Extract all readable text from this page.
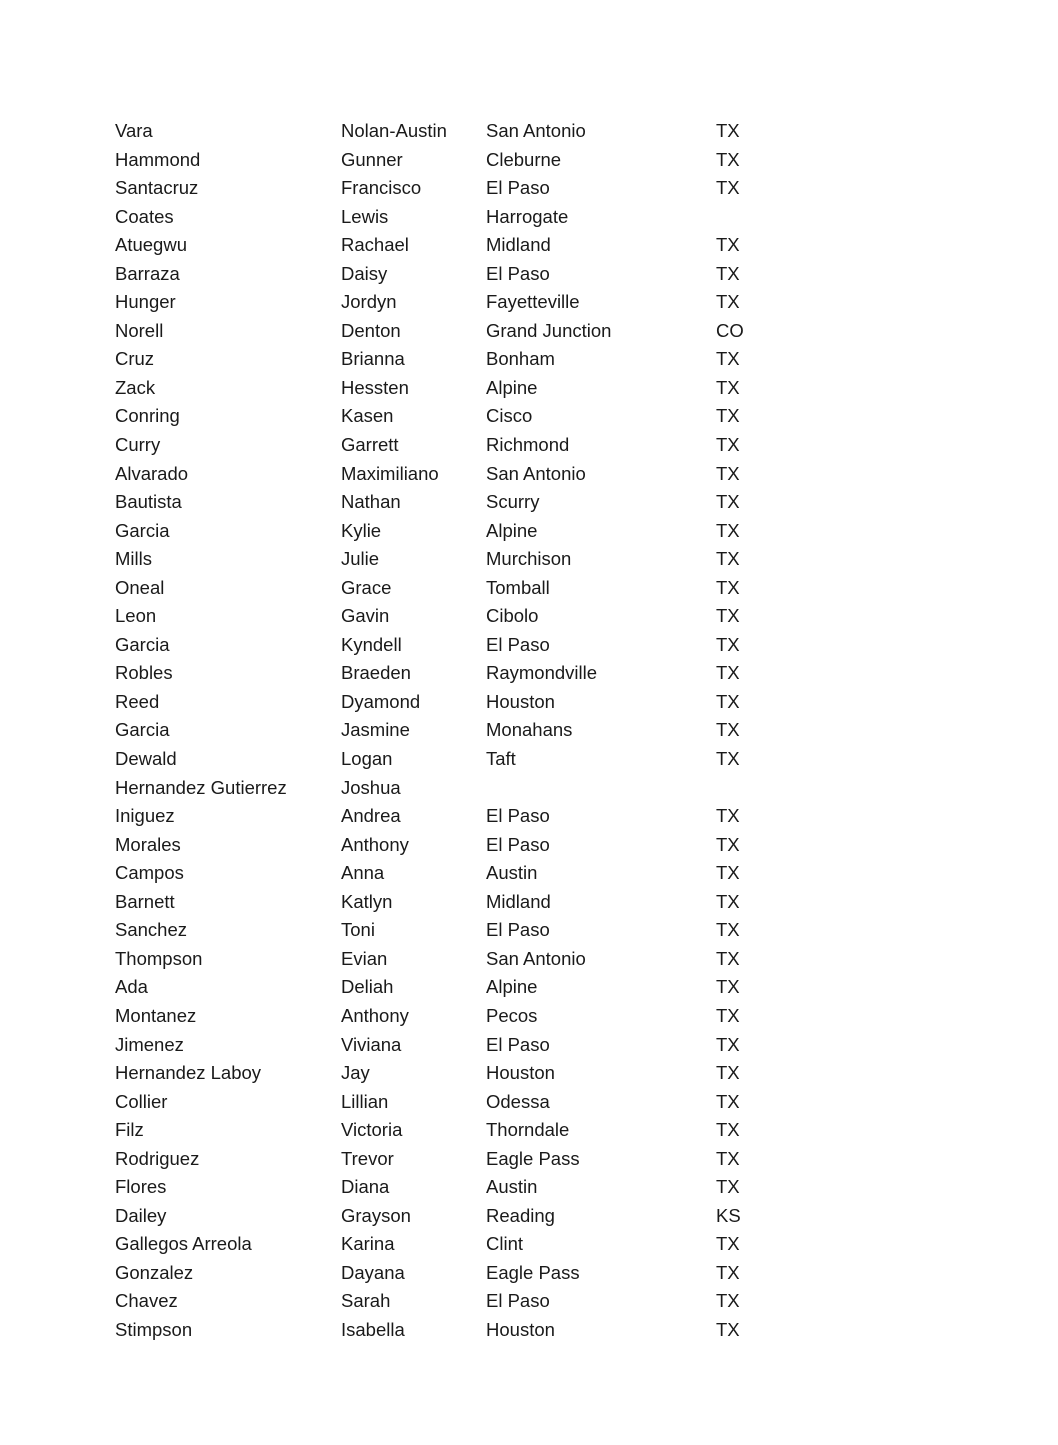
Vara	Nolan-Austin	San Antonio	TX
Hammond	Gunner	Cleburne	TX
Santacruz	Francisco	El Paso	TX
Coates	Lewis	Harrogate	
Atuegwu	Rachael	Midland	TX
Barraza	Daisy	El Paso	TX
Hunger	Jordyn	Fayetteville	TX
Norell	Denton	Grand Junction	CO
Cruz	Brianna	Bonham	TX
Zack	Hessten	Alpine	TX
Conring	Kasen	Cisco	TX
Curry	Garrett	Richmond	TX
Alvarado	Maximiliano	San Antonio	TX
Bautista	Nathan	Scurry	TX
Garcia	Kylie	Alpine	TX
Mills	Julie	Murchison	TX
Oneal	Grace	Tomball	TX
Leon	Gavin	Cibolo	TX
Garcia	Kyndell	El Paso	TX
Robles	Braeden	Raymondville	TX
Reed	Dyamond	Houston	TX
Garcia	Jasmine	Monahans	TX
Dewald	Logan	Taft	TX
Hernandez Gutierrez	Joshua		
Iniguez	Andrea	El Paso	TX
Morales	Anthony	El Paso	TX
Campos	Anna	Austin	TX
Barnett	Katlyn	Midland	TX
Sanchez	Toni	El Paso	TX
Thompson	Evian	San Antonio	TX
Ada	Deliah	Alpine	TX
Montanez	Anthony	Pecos	TX
Jimenez	Viviana	El Paso	TX
Hernandez Laboy	Jay	Houston	TX
Collier	Lillian	Odessa	TX
Filz	Victoria	Thorndale	TX
Rodriguez	Trevor	Eagle Pass	TX
Flores	Diana	Austin	TX
Dailey	Grayson	Reading	KS
Gallegos Arreola	Karina	Clint	TX
Gonzalez	Dayana	Eagle Pass	TX
Chavez	Sarah	El Paso	TX
Stimpson	Isabella	Houston	TX
